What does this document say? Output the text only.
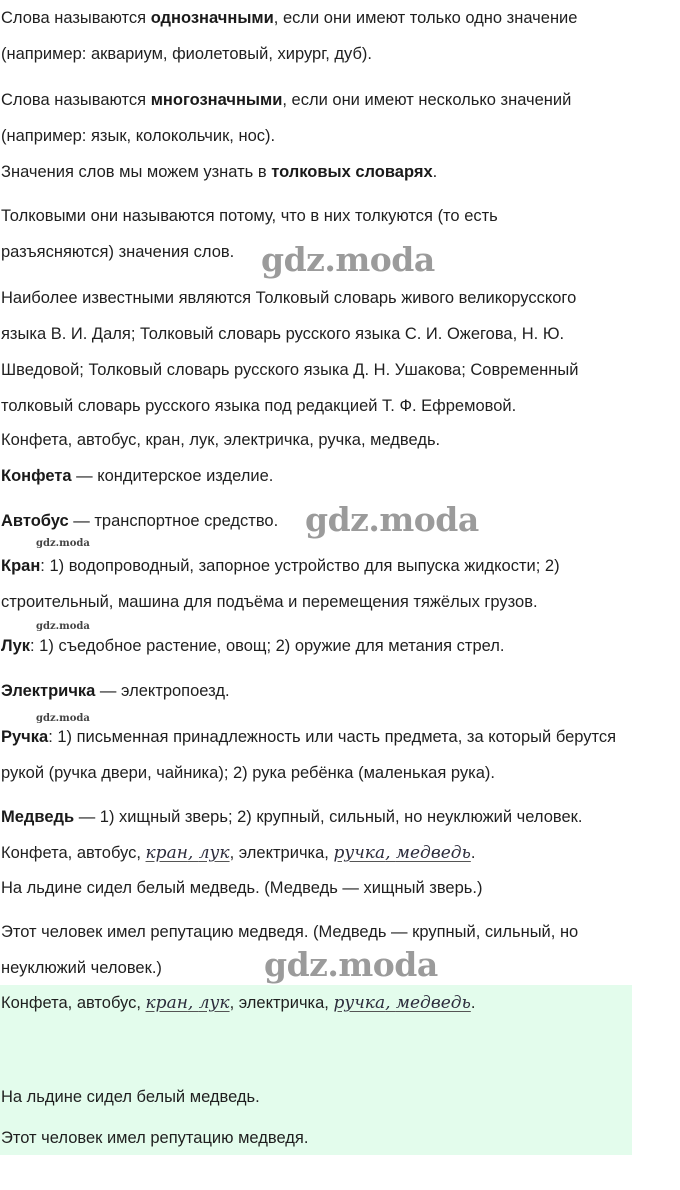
Слова называются однозначными, если они имеют только одно значение

(например: аквариум, фиолетовый, хирург, дуб).

Слова называются многозначными, если они имеют несколько значений

(например: язык, колокольчик, нос).

Значения слов мы можем узнать в толковых словарях.

Толковыми они называются потому, что в них толкуются (то есть

разъясняются) значения слов.

Наиболее известными являются Толковый словарь живого великорусского

языка В. И. Даля; Толковый словарь русского языка С. И. Ожегова, Н. Ю.

Шведовой; Толковый словарь русского языка Д. Н. Ушакова; Современный

толковый словарь русского языка под редакцией Т. Ф. Ефремовой.

Конфета, автобус, кран, лук, электричка, ручка, медведь.

Конфета — кондитерское изделие.

Автобус — транспортное средство.

Кран: 1) водопроводный, запорное устройство для выпуска жидкости; 2)

строительный, машина для подъёма и перемещения тяжёлых грузов.

Лук: 1) съедобное растение, овощ; 2) оружие для метания стрел.

Электричка — электропоезд.

Ручка: 1) письменная принадлежность или часть предмета, за который берутся

рукой (ручка двери, чайника); 2) рука ребёнка (маленькая рука).

Медведь — 1) хищный зверь; 2) крупный, сильный, но неуклюжий человек.

Конфета, автобус, кран, лук, электричка, ручка, медведь.

На льдине сидел белый медведь. (Медведь — хищный зверь.)

Этот человек имел репутацию медведя. (Медведь — крупный, сильный, но

неуклюжий человек.)

Конфета, автобус, кран, лук, электричка, ручка, медведь.
На льдине сидел белый медведь.
Этот человек имел репутацию медведя.
gdz.moda
gdz.moda
gdz.moda
gdz.moda
gdz.moda
gdz.moda
